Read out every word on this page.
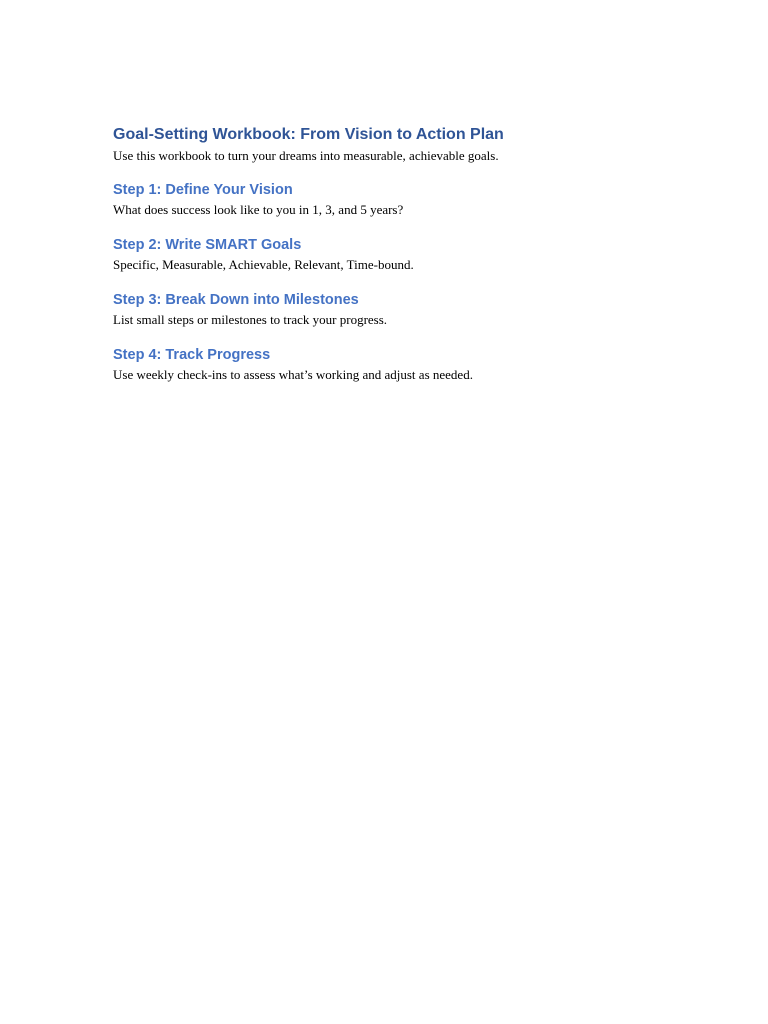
Goal-Setting Workbook: From Vision to Action Plan

Use this workbook to turn your dreams into measurable, achievable goals.

Step 1: Define Your Vision

What does success look like to you in 1, 3, and 5 years?

Step 2: Write SMART Goals

Specific, Measurable, Achievable, Relevant, Time-bound.

Step 3: Break Down into Milestones

List small steps or milestones to track your progress.

Step 4: Track Progress

Use weekly check-ins to assess what’s working and adjust as needed.
